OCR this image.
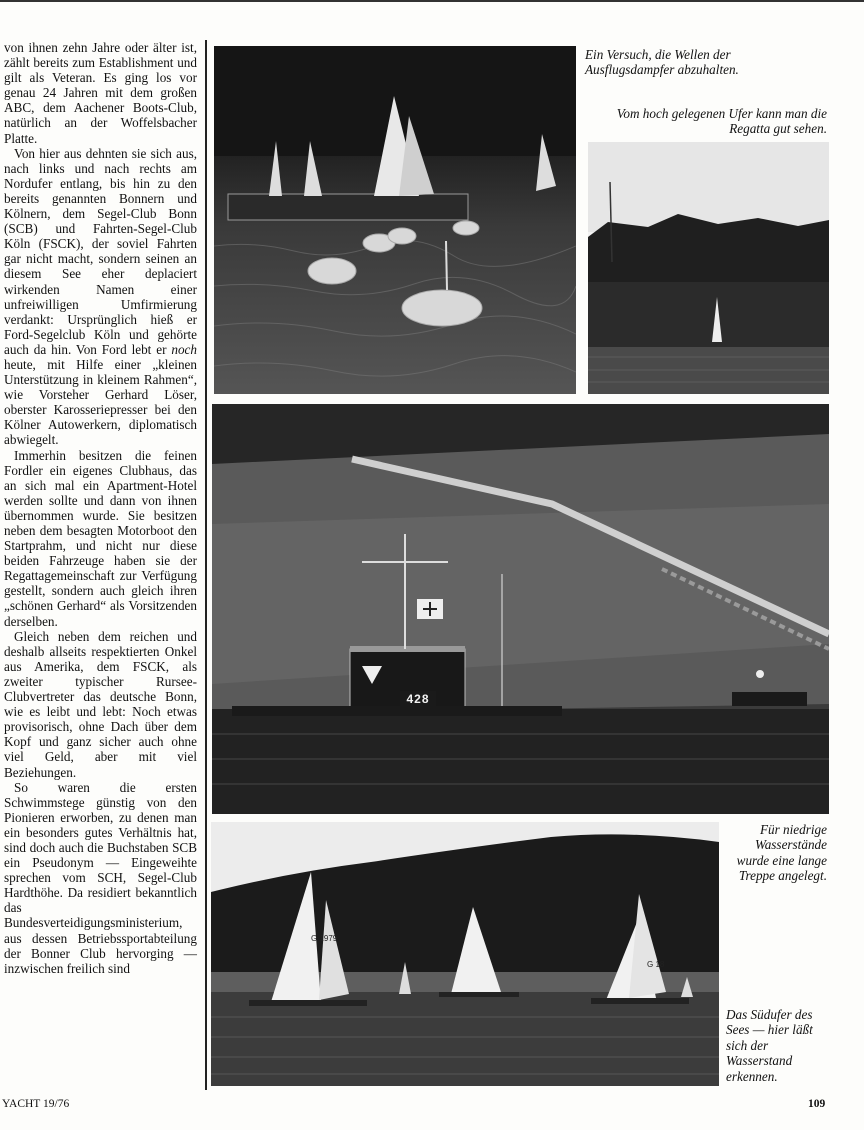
von ihnen zehn Jahre oder älter ist, zählt bereits zum Establishment und gilt als Veteran. Es ging los vor genau 24 Jahren mit dem großen ABC, dem Aachener Boots-Club, natürlich an der Woffelsbacher Platte.

Von hier aus dehnten sie sich aus, nach links und nach rechts am Nordufer entlang, bis hin zu den bereits genannten Bonnern und Kölnern, dem Segel-Club Bonn (SCB) und Fahrten-Segel-Club Köln (FSCK), der soviel Fahrten gar nicht macht, sondern seinen an diesem See eher deplaciert wirkenden Namen einer unfreiwilligen Umfirmierung verdankt: Ursprünglich hieß er Ford-Segelclub Köln und gehörte auch da hin. Von Ford lebt er noch heute, mit Hilfe einer „kleinen Unterstützung in kleinem Rahmen“, wie Vorsteher Gerhard Löser, oberster Karosseriepresser bei den Kölner Autowerkern, diplomatisch abwiegelt.

Immerhin besitzen die feinen Fordler ein eigenes Clubhaus, das an sich mal ein Apartment-Hotel werden sollte und dann von ihnen übernommen wurde. Sie besitzen neben dem besagten Motorboot den Startprahm, und nicht nur diese beiden Fahrzeuge haben sie der Regattagemeinschaft zur Verfügung gestellt, sondern auch gleich ihren „schönen Gerhard“ als Vorsitzenden derselben.

Gleich neben dem reichen und deshalb allseits respektierten Onkel aus Amerika, dem FSCK, als zweiter typischer Rursee-Clubvertreter das deutsche Bonn, wie es leibt und lebt: Noch etwas provisorisch, ohne Dach über dem Kopf und ganz sicher auch ohne viel Geld, aber mit viel Beziehungen.

So waren die ersten Schwimmstege günstig von den Pionieren erworben, zu denen man ein besonders gutes Verhältnis hat, sind doch auch die Buchstaben SCB ein Pseudonym — Eingeweihte sprechen vom SCH, Segel-Club Hardthöhe. Da residiert bekanntlich das Bundesverteidigungsministerium, aus dessen Betriebssportabteilung der Bonner Club hervorging — inzwischen freilich sind

428
G 1979
G 18
Ein Versuch, die Wellen der Ausflugsdampfer abzuhalten.
Vom hoch gelegenen Ufer kann man die Regatta gut sehen.
Für niedrige Wasserstände wurde eine lange Treppe angelegt.
Das Südufer des Sees — hier läßt sich der Wasserstand erkennen.
YACHT 19/76	109
